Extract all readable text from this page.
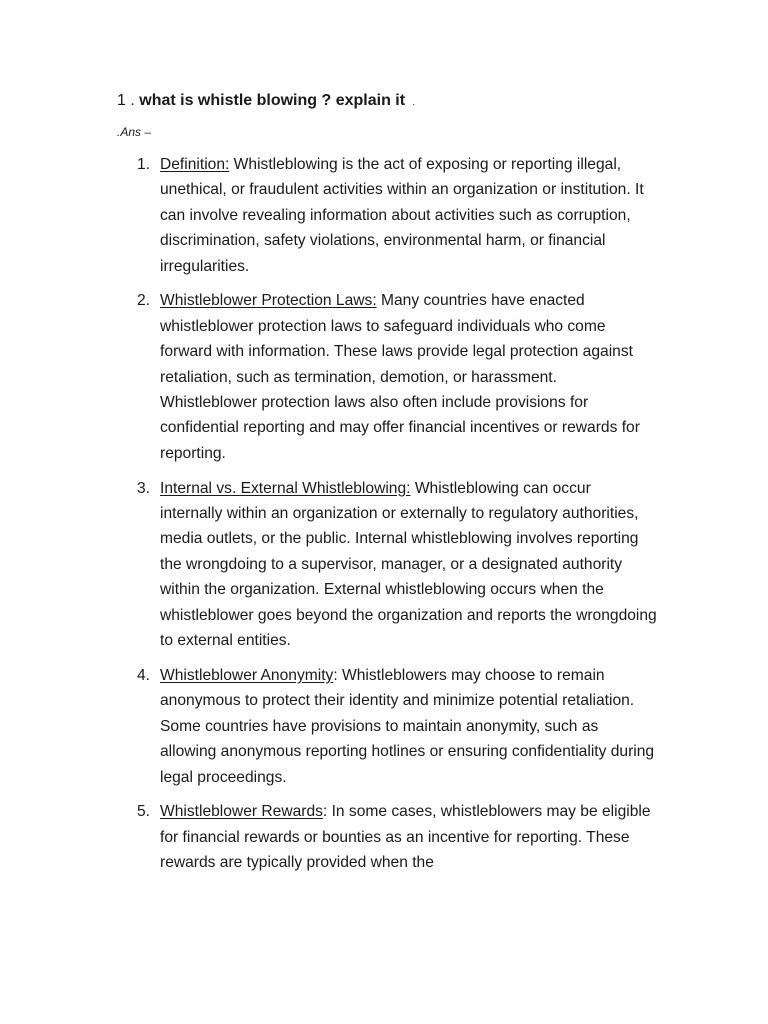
1 . what is whistle blowing ? explain it .
.Ans –
1. Definition: Whistleblowing is the act of exposing or reporting illegal, unethical, or fraudulent activities within an organization or institution. It can involve revealing information about activities such as corruption, discrimination, safety violations, environmental harm, or financial irregularities.
2. Whistleblower Protection Laws: Many countries have enacted whistleblower protection laws to safeguard individuals who come forward with information. These laws provide legal protection against retaliation, such as termination, demotion, or harassment. Whistleblower protection laws also often include provisions for confidential reporting and may offer financial incentives or rewards for reporting.
3. Internal vs. External Whistleblowing: Whistleblowing can occur internally within an organization or externally to regulatory authorities, media outlets, or the public. Internal whistleblowing involves reporting the wrongdoing to a supervisor, manager, or a designated authority within the organization. External whistleblowing occurs when the whistleblower goes beyond the organization and reports the wrongdoing to external entities.
4. Whistleblower Anonymity: Whistleblowers may choose to remain anonymous to protect their identity and minimize potential retaliation. Some countries have provisions to maintain anonymity, such as allowing anonymous reporting hotlines or ensuring confidentiality during legal proceedings.
5. Whistleblower Rewards: In some cases, whistleblowers may be eligible for financial rewards or bounties as an incentive for reporting. These rewards are typically provided when the
